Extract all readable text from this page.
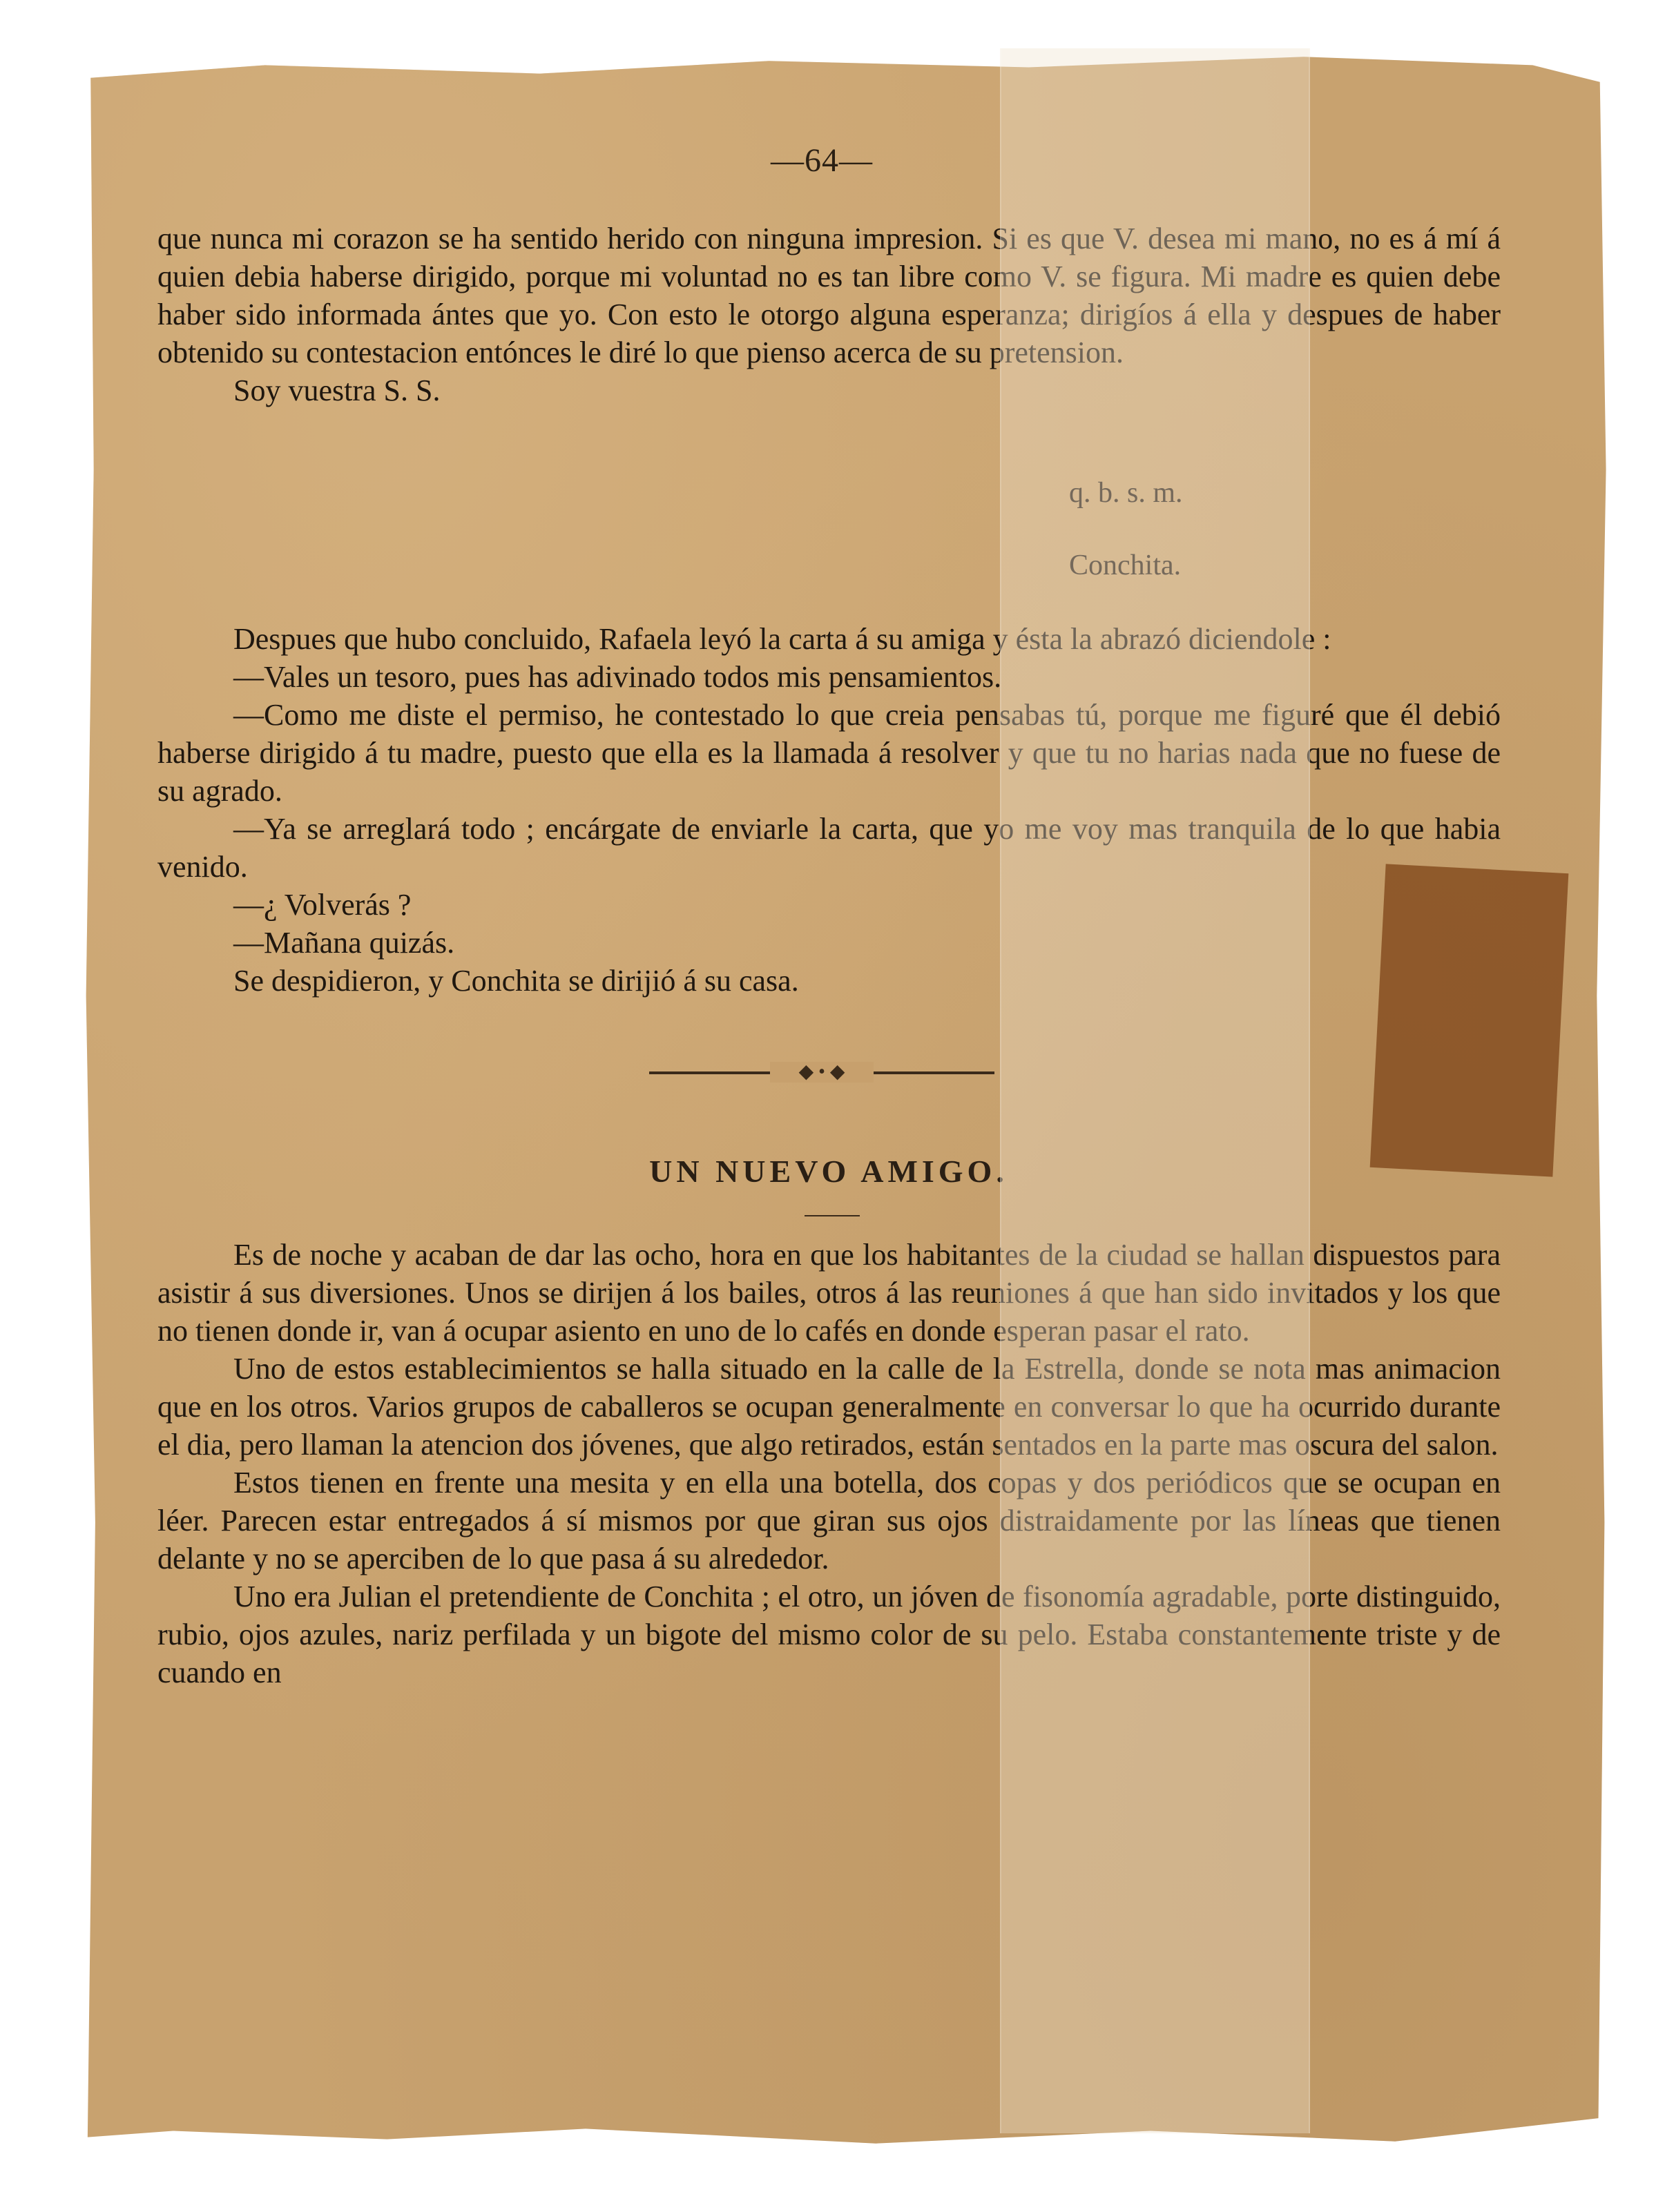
—64—

que nunca mi corazon se ha sentido herido con ninguna impresion. Si es que V. desea mi mano, no es á mí á quien debia haberse dirigido, porque mi voluntad no es tan libre como V. se figura. Mi madre es quien debe haber sido informada ántes que yo. Con esto le otorgo alguna esperanza; dirigíos á ella y despues de haber obtenido su contestacion entónces le diré lo que pienso acerca de su pretension.

Soy vuestra S. S.

q. b. s. m.
Conchita.

Despues que hubo concluido, Rafaela leyó la carta á su amiga y ésta la abrazó diciendole :

—Vales un tesoro, pues has adivinado todos mis pensamientos.

—Como me diste el permiso, he contestado lo que creia pensabas tú, porque me figuré que él debió haberse dirigido á tu madre, puesto que ella es la llamada á resolver y que tu no harias nada que no fuese de su agrado.

—Ya se arreglará todo ; encárgate de enviarle la carta, que yo me voy mas tranquila de lo que habia venido.

—¿ Volverás ?

—Mañana quizás.

Se despidieron, y Conchita se dirijió á su casa.

◆ • ◆
UN NUEVO AMIGO.

Es de noche y acaban de dar las ocho, hora en que los habitantes de la ciudad se hallan dispuestos para asistir á sus diversiones. Unos se dirijen á los bailes, otros á las reuniones á que han sido invitados y los que no tienen donde ir, van á ocupar asiento en uno de lo cafés en donde esperan pasar el rato.

Uno de estos establecimientos se halla situado en la calle de la Estrella, donde se nota mas animacion que en los otros. Varios grupos de caballeros se ocupan generalmente en conversar lo que ha ocurrido durante el dia, pero llaman la atencion dos jóvenes, que algo retirados, están sentados en la parte mas oscura del salon.

Estos tienen en frente una mesita y en ella una botella, dos copas y dos periódicos que se ocupan en léer. Parecen estar entregados á sí mismos por que giran sus ojos distraidamente por las líneas que tienen delante y no se aperciben de lo que pasa á su alrededor.

Uno era Julian el pretendiente de Conchita ; el otro, un jóven de fisonomía agradable, porte distinguido, rubio, ojos azules, nariz perfilada y un bigote del mismo color de su pelo. Estaba constantemente triste y de cuando en
